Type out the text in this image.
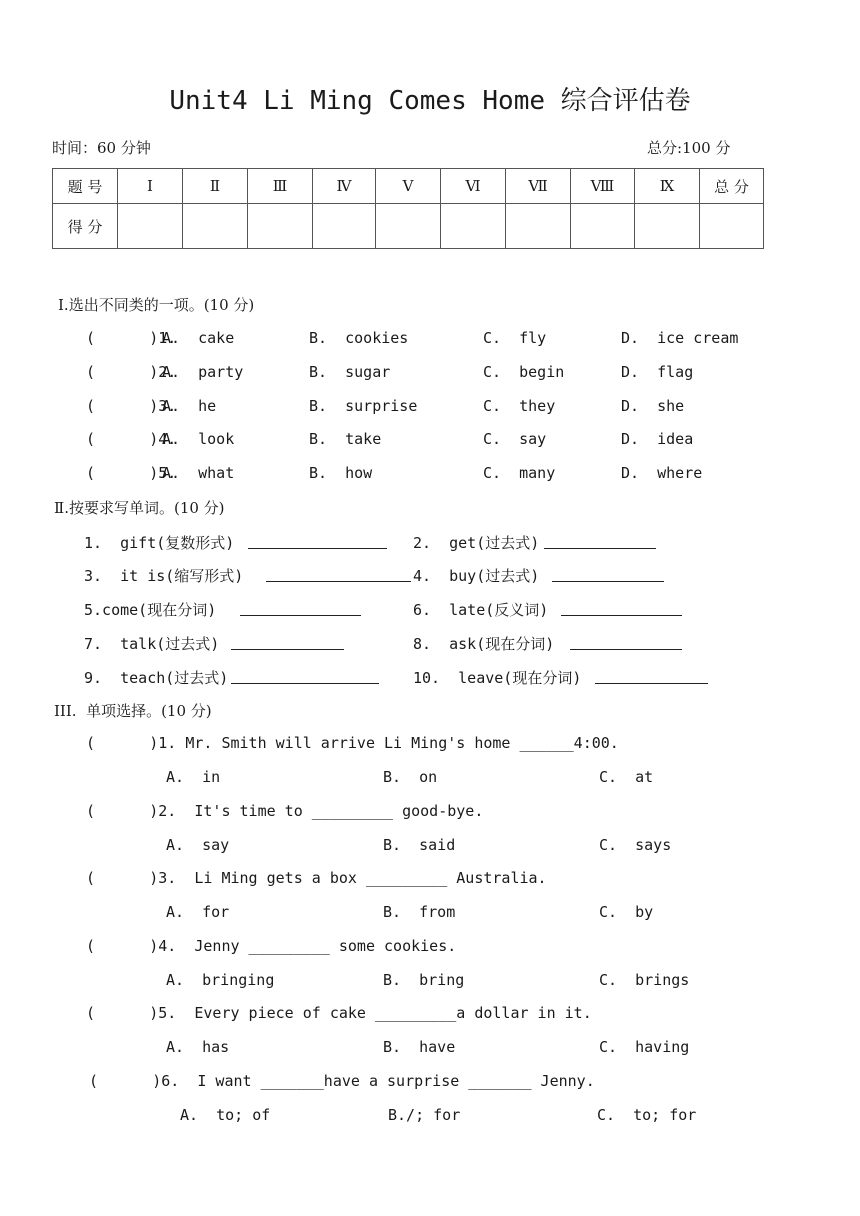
Unit4 Li Ming Comes Home 综合评估卷
时间：60 分钟	总分:100 分
题 号	Ⅰ	Ⅱ	Ⅲ	Ⅳ	Ⅴ	Ⅵ	Ⅶ	Ⅷ	Ⅸ	总 分
得 分										
Ⅰ.选出不同类的一项。(10 分)
(      )1.
A.  cake	B.  cookies	C.  fly	D.  ice cream
(      )2.
A.  party	B.  sugar	C.  begin	D.  flag
(      )3.
A.  he	B.  surprise	C.  they	D.  she
(      )4.
A.  look	B.  take	C.  say	D.  idea
(      )5.
A.  what	B.  how	C.  many	D.  where
Ⅱ.按要求写单词。(10 分)
1.  gift(复数形式)	2.  get(过去式)
3.  it is(缩写形式)	4.  buy(过去式)
5.come(现在分词)	6.  late(反义词)
7.  talk(过去式)	8.  ask(现在分词)
9.  teach(过去式)	10.  leave(现在分词)
III.  单项选择。(10 分)
(      )1. Mr. Smith will arrive Li Ming's home ______4:00.
A.  in	B.  on	C.  at
(      )2.  It's time to _________ good-bye.
A.  say	B.  said	C.  says
(      )3.  Li Ming gets a box _________ Australia.
A.  for	B.  from	C.  by
(      )4.  Jenny _________ some cookies.
A.  bringing	B.  bring	C.  brings
(      )5.  Every piece of cake _________a dollar in it.
A.  has	B.  have	C.  having
(      )6.  I want _______have a surprise _______ Jenny.
A.  to; of	B./; for	C.  to; for
